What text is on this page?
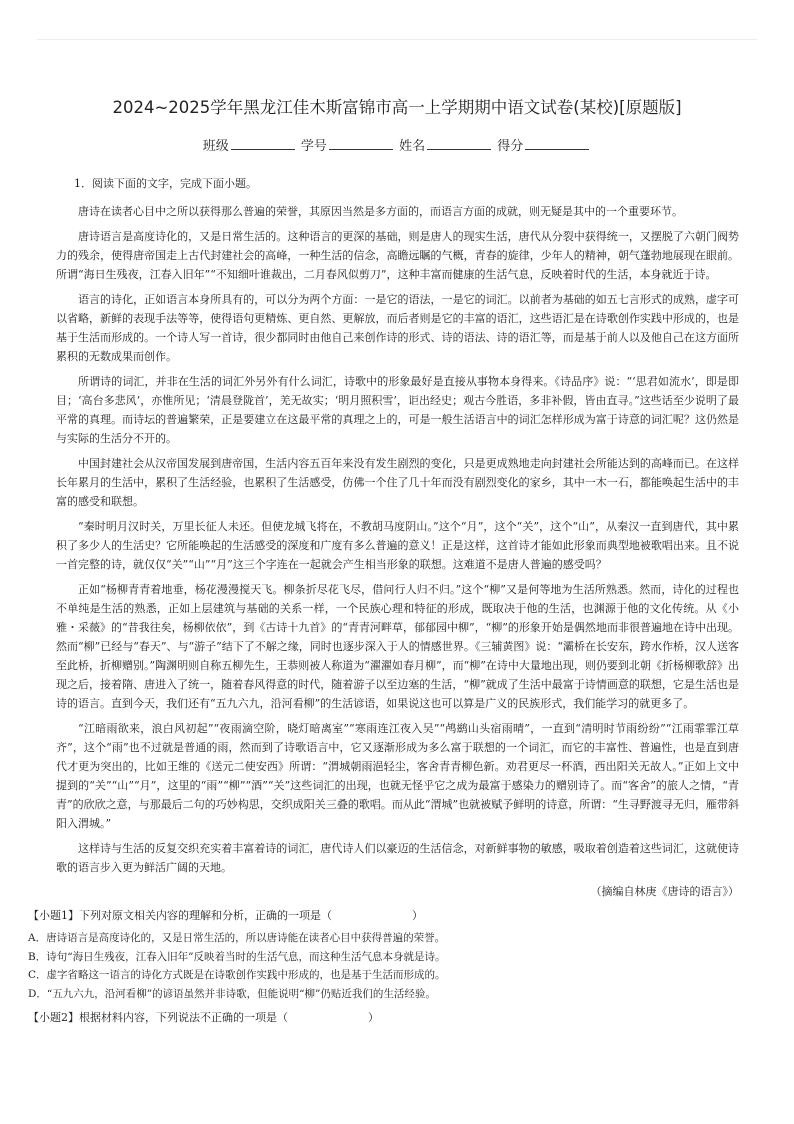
2024~2025学年黑龙江佳木斯富锦市高一上学期期中语文试卷(某校)[原题版]
班级	学号	姓名	得分
1．阅读下面的文字，完成下面小题。

唐诗在读者心目中之所以获得那么普遍的荣誉，其原因当然是多方面的，而语言方面的成就，则无疑是其中的一个重要环节。

唐诗语言是高度诗化的，又是日常生活的。这种语言的更深的基础，则是唐人的现实生活，唐代从分裂中获得统一，又摆脱了六朝门阀势力的残余，使得唐帝国走上古代封建社会的高峰，一种生活的信念，高瞻远瞩的气概，青春的旋律，少年人的精神，朝气蓬勃地展现在眼前。所谓“海日生残夜，江春入旧年”“不知细叶谁裁出，二月春风似剪刀”，这种丰富而健康的生活气息，反映着时代的生活，本身就近于诗。

语言的诗化，正如语言本身所具有的，可以分为两个方面：一是它的语法，一是它的词汇。以前者为基础的如五七言形式的成熟，虚字可以省略，新鲜的表现手法等等，使得语句更精炼、更自然、更解放，而后者则是它的丰富的语汇，这些语汇是在诗歌创作实践中形成的，也是基于生活而形成的。一个诗人写一首诗，很少都同时由他自己来创作诗的形式、诗的语法、诗的语汇等，而是基于前人以及他自己在这方面所累积的无数成果而创作。

所谓诗的词汇，并非在生活的词汇外另外有什么词汇，诗歌中的形象最好是直接从事物本身得来。《诗品序》说：“‘思君如流水’，即是即目；‘高台多悲风’，亦惟所见；‘清晨登陇首’，羌无故实；‘明月照积雪’，讵出经史；观古今胜语，多非补假，皆由直寻。”这些话至少说明了最平常的真理。而诗坛的普遍繁荣，正是要建立在这最平常的真理之上的，可是一般生活语言中的词汇怎样形成为富于诗意的词汇呢？这仍然是与实际的生活分不开的。

中国封建社会从汉帝国发展到唐帝国，生活内容五百年来没有发生剧烈的变化，只是更成熟地走向封建社会所能达到的高峰而已。在这样长年累月的生活中，累积了生活经验，也累积了生活感受，仿佛一个住了几十年而没有剧烈变化的家乡，其中一木一石，都能唤起生活中的丰富的感受和联想。

“秦时明月汉时关，万里长征人未还。但使龙城飞将在，不教胡马度阴山。”这个“月”，这个“关”，这个“山”，从秦汉一直到唐代，其中累积了多少人的生活史？它所能唤起的生活感受的深度和广度有多么普遍的意义！正是这样，这首诗才能如此形象而典型地被歌唱出来。且不说一首完整的诗，就仅仅“关”“山”“月”这三个字连在一起就会产生相当形象的联想。这难道不是唐人普遍的感受吗？

正如“杨柳青青着地垂，杨花漫漫搅天飞。柳条折尽花飞尽，借问行人归不归。”这个“柳”又是何等地为生活所熟悉。然而，诗化的过程也不单纯是生活的熟悉，正如上层建筑与基础的关系一样，一个民族心理和特征的形成，既取决于他的生活，也渊源于他的文化传统。从《小雅・采薇》的“昔我往矣，杨柳依依”，到《古诗十九首》的“青青河畔草，郁郁园中柳”，“柳”的形象开始是偶然地而非很普遍地在诗中出现。然而“柳”已经与“春天”、与“游子”结下了不解之缘，同时也逐步深入于人的情感世界。《三辅黄图》说：“灞桥在长安东，跨水作桥，汉人送客至此桥，折柳赠别。”陶渊明则自称五柳先生，王恭则被人称道为“濯濯如春月柳”，而“柳”在诗中大量地出现，则仍要到北朝《折杨柳歌辞》出现之后，接着隋、唐进入了统一，随着春风得意的时代，随着游子以至边塞的生活，“柳”就成了生活中最富于诗情画意的联想，它是生活也是诗的语言。直到今天，我们还有“五九六九，沿河看柳”的生活谚语，如果说这也可以算是广义的民族形式，我们能学习的就更多了。

“江暗雨欲来，浪白风初起”“夜雨滴空阶，晓灯暗离室”“寒雨连江夜入吴”“鸬鹚山头宿雨晴”，一直到“清明时节雨纷纷”“江雨霏霏江草齐”，这个“雨”也不过就是普通的雨，然而到了诗歌语言中，它又逐渐形成为多么富于联想的一个词汇，而它的丰富性、普遍性，也是直到唐代才更为突出的，比如王维的《送元二使安西》所谓：“渭城朝雨浥轻尘，客舍青青柳色新。劝君更尽一杯酒，西出阳关无故人。”正如上文中提到的“关”“山”“月”，这里的“雨”“柳”“酒”“关”这些词汇的出现，也就无怪乎它之成为最富于感染力的赠别诗了。而“客舍”的旅人之情，“青青”的欣欣之意，与那最后二句的巧妙构思，交织成阳关三叠的歌唱。而从此“渭城”也就被赋予鲜明的诗意，所谓：“生寻野渡寻无归，雁带斜阳入渭城。”

这样诗与生活的反复交织充实着丰富着诗的词汇，唐代诗人们以豪迈的生活信念，对新鲜事物的敏感，吸取着创造着这些词汇，这就使诗歌的语言步入更为鲜活广阔的天地。

（摘编自林庚《唐诗的语言》）
【小题1】下列对原文相关内容的理解和分析，正确的一项是（	）
A．唐诗语言是高度诗化的，又是日常生活的，所以唐诗能在读者心目中获得普遍的荣誉。
B．诗句“海日生残夜，江春入旧年”反映着当时的生活气息，而这种生活气息本身就是诗。
C．虚字省略这一语言的诗化方式既是在诗歌创作实践中形成的，也是基于生活而形成的。
D．“五九六九，沿河看柳”的谚语虽然并非诗歌，但能说明“柳”仍贴近我们的生活经验。
【小题2】根据材料内容，下列说法不正确的一项是（	）
